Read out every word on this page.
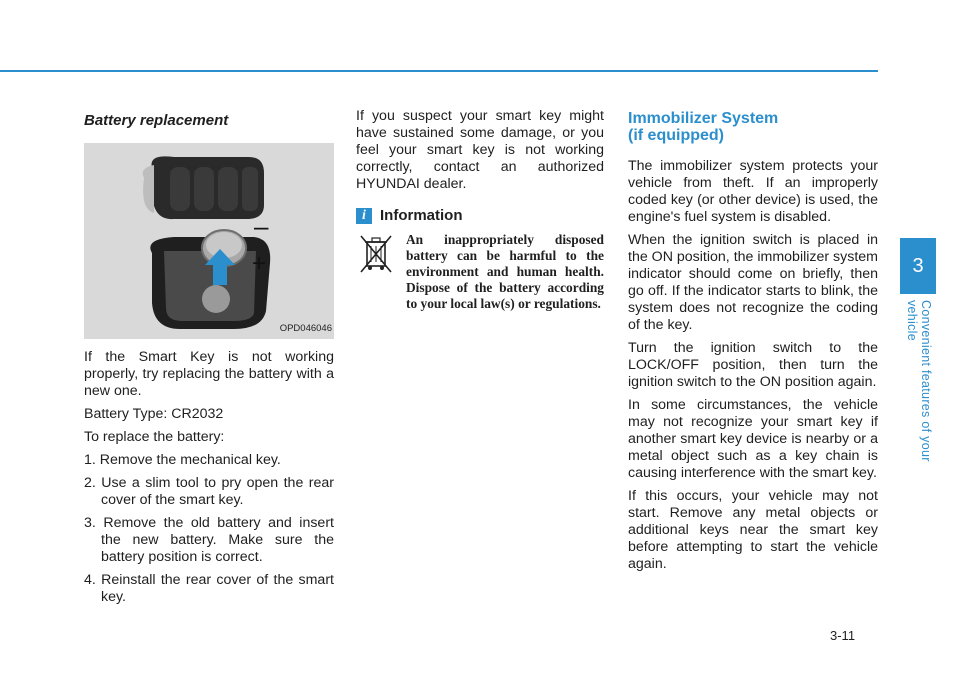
Battery replacement
–
+
OPD046046

If the Smart Key is not working properly, try replacing the battery with a new one.

Battery Type: CR2032

To replace the battery:

1. Remove the mechanical key.
2. Use a slim tool to pry open the rear cover of the smart key.
3. Remove the old battery and insert the new battery. Make sure the battery position is correct.
4. Reinstall the rear cover of the smart key.

If you suspect your smart key might have sustained some damage, or you feel your smart key is not working correctly, contact an authorized HYUNDAI dealer.

i Information
An inappropriately disposed battery can be harmful to the environment and human health. Dispose of the battery according to your local law(s) or regulations.
Immobilizer System
(if equipped)

The immobilizer system protects your vehicle from theft. If an improperly coded key (or other device) is used, the engine's fuel system is disabled.

When the ignition switch is placed in the ON position, the immobilizer system indicator should come on briefly, then go off. If the indicator starts to blink, the system does not recognize the coding of the key.

Turn the ignition switch to the LOCK/OFF position, then turn the ignition switch to the ON position again.

In some circumstances, the vehicle may not recognize your smart key if another smart key device is nearby or a metal object such as a key chain is causing interference with the smart key.

If this occurs, your vehicle may not start. Remove any metal objects or additional keys near the smart key before attempting to start the vehicle again.

3
Convenient features of your vehicle
3-11
